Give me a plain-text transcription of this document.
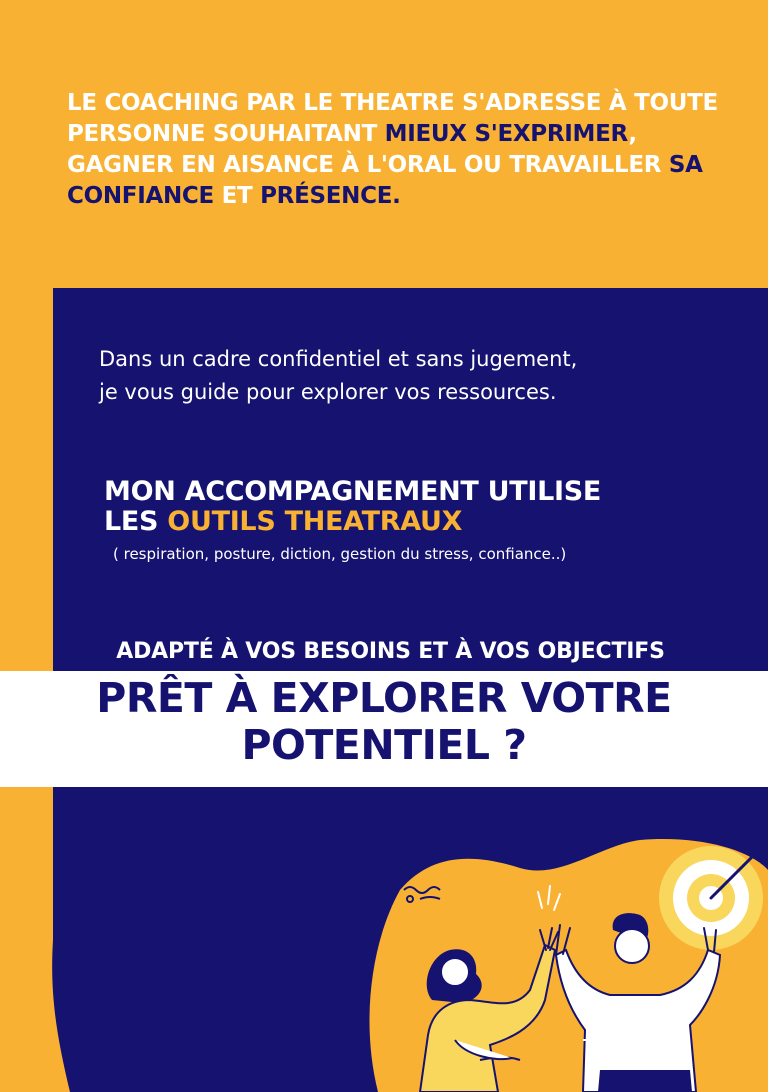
LE COACHING PAR LE THEATRE S'ADRESSE À TOUTE PERSONNE SOUHAITANT MIEUX S'EXPRIMER, GAGNER EN AISANCE À L'ORAL OU TRAVAILLER SA CONFIANCE ET PRÉSENCE.
Dans un cadre confidentiel et sans jugement,
je vous guide pour explorer vos ressources.
MON ACCOMPAGNEMENT UTILISE
LES OUTILS THEATRAUX
( respiration, posture, diction, gestion du stress, confiance..)
ADAPTÉ À VOS BESOINS ET À VOS OBJECTIFS
PRÊT À EXPLORER VOTRE
POTENTIEL ?
